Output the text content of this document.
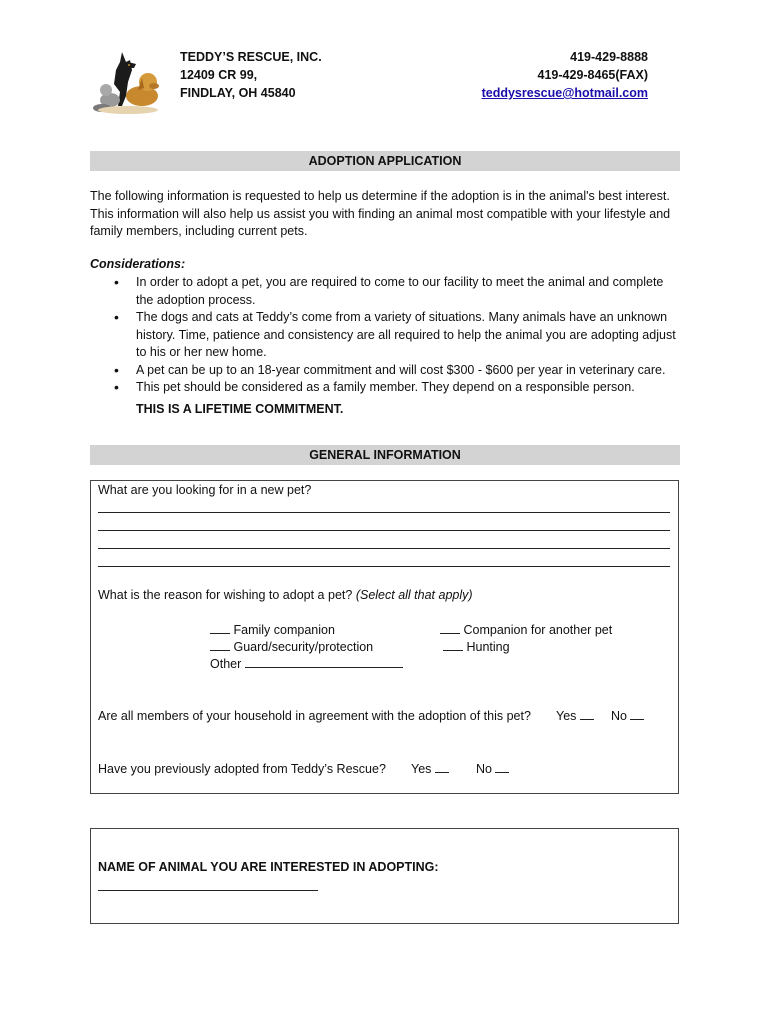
TEDDY’S RESCUE, INC.
12409 CR 99,
FINDLAY, OH 45840
419-429-8888
419-429-8465(FAX)
teddysrescue@hotmail.com
ADOPTION APPLICATION
The following information is requested to help us determine if the adoption is in the animal's best interest. This information will also help us assist you with finding an animal most compatible with your lifestyle and family members, including current pets.
Considerations:
• In order to adopt a pet, you are required to come to our facility to meet the animal and complete the adoption process.
• The dogs and cats at Teddy’s come from a variety of situations. Many animals have an unknown history. Time, patience and consistency are all required to help the animal you are adopting adjust to his or her new home.
• A pet can be up to an 18-year commitment and will cost $300 - $600 per year in veterinary care.
• This pet should be considered as a family member. They depend on a responsible person.
THIS IS A LIFETIME COMMITMENT.
GENERAL INFORMATION
What are you looking for in a new pet?
What is the reason for wishing to adopt a pet? (Select all that apply)
Family companion
Guard/security/protection
Other
Companion for another pet
Hunting
Are all members of your household in agreement with the adoption of this pet? Yes	No
Have you previously adopted from Teddy’s Rescue? Yes	No
NAME OF ANIMAL YOU ARE INTERESTED IN ADOPTING:
